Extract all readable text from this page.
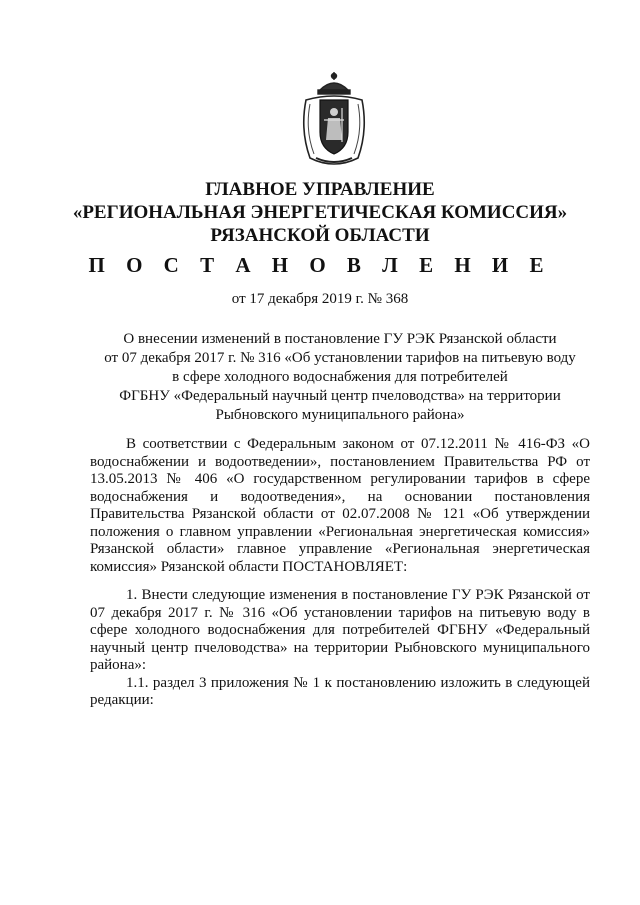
ГЛАВНОЕ УПРАВЛЕНИЕ

«РЕГИОНАЛЬНАЯ ЭНЕРГЕТИЧЕСКАЯ КОМИССИЯ»

РЯЗАНСКОЙ ОБЛАСТИ

П О С Т А Н О В Л Е Н И Е

от 17 декабря 2019 г. № 368

О внесении изменений в постановление ГУ РЭК Рязанской области

от 07 декабря 2017 г. № 316 «Об установлении тарифов на питьевую воду

в сфере холодного водоснабжения для потребителей

ФГБНУ «Федеральный научный центр пчеловодства» на территории

Рыбновского муниципального района»

В соответствии с Федеральным законом от 07.12.2011 № 416-ФЗ «О водоснабжении и водоотведении», постановлением Правительства РФ от 13.05.2013 № 406 «О государственном регулировании тарифов в сфере водоснабжения и водоотведения», на основании постановления Правительства Рязанской области от 02.07.2008 № 121 «Об утверждении положения о главном управлении «Региональная энергетическая комиссия» Рязанской области» главное управление «Региональная энергетическая комиссия» Рязанской области ПОСТАНОВЛЯЕТ:

1. Внести следующие изменения в постановление ГУ РЭК Рязанской от 07 декабря 2017 г. № 316 «Об установлении тарифов на питьевую воду в сфере холодного водоснабжения для потребителей ФГБНУ «Федеральный научный центр пчеловодства» на территории Рыбновского муниципального района»:

1.1. раздел 3 приложения № 1 к постановлению изложить в следующей редакции:
